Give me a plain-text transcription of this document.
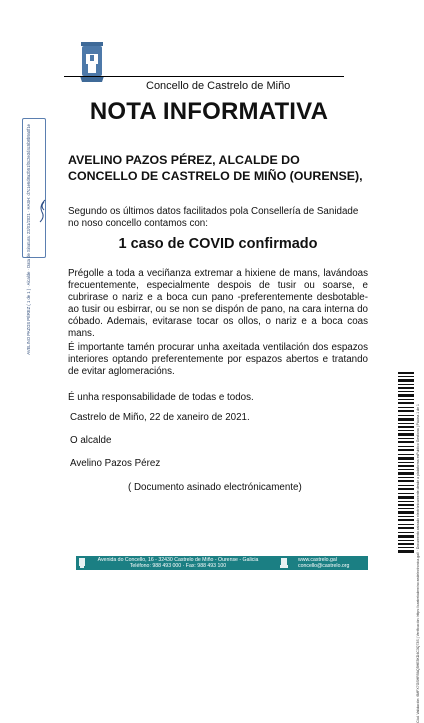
Concello de Castrelo de Miño
NOTA INFORMATIVA
AVELINO PAZOS PÉREZ, ALCALDE DO CONCELLO DE CASTRELO DE MIÑO (OURENSE),
Segundo os últimos datos facilitados pola Consellería de Sanidade no noso concello contamos con:
1 caso de COVID confirmado
Prégolle a toda a veciñanza extremar a hixiene de mans, lavándoas frecuentemente, especialmente despois de tusir ou soarse, e cubrirase o nariz e a boca cun pano -preferentemente desbotable- ao tusir ou esbirrar, ou se non se dispón de pano, na cara interna do cóbado. Ademais, evitarase tocar os ollos, o nariz e a boca coas mans.
É importante tamén procurar unha axeitada ventilación dos espazos interiores optando preferentemente por espazos abertos e tratando de evitar aglomeracións.
É unha responsabilidade de todas e todos.
Castrelo de Miño, 22 de xaneiro de 2021.
O alcalde
Avelino Pazos Pérez
( Documento asinado electrónicamente)
AVELINO PAZOS PÉREZ ( 1 de 1 ) · Alcalde · Data de Sinatura: 22/01/2021 · HASH: d7c1e6d8a2b51f0c2e3d4c5b8b9a0f1e
Cód. Validación: 6MFX7GSHR9AQ5HE3KD4C3Q73S | Verificación: https://castrelodemino.sedelectronica.gal/ · Documento asinado electrónicamente desde a plataforma esPublico Gestiona | Páxina 1 de 1
Avenida do Concello, 16 - 32430 Castrelo de Miño - Ourense - Galicia
Teléfono: 988 493 000 · Fax: 988 493 100
www.castrelo.gal
concello@castrelo.org
